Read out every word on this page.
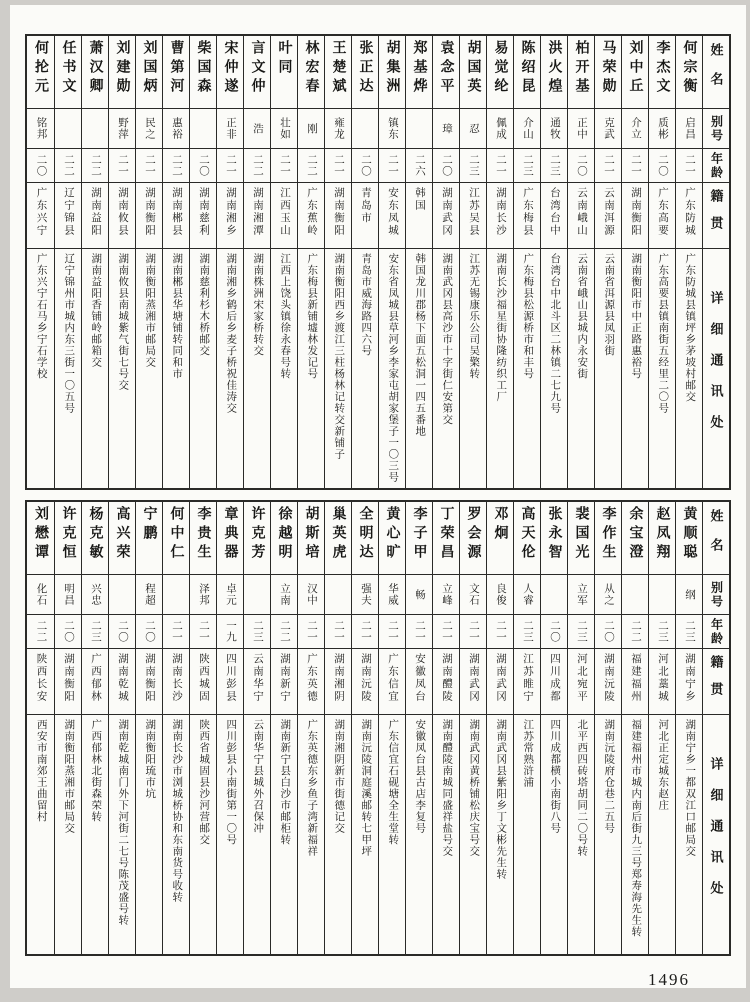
姓名
别号
年龄
籍贯
详细通讯处
何宗衡
启昌
二一
广东防城
广东防城县镇坪乡茅坡村邮交
李杰文
质彬
二〇
广东高要
广东高要县镇南街五经里二〇号
刘中丘
介立
二一
湖南衡阳
湖南衡阳市中正路惠裕号
马荣勋
克武
二一
云南洱源
云南省洱源县凤羽街
柏开基
正中
二〇
云南峨山
云南省峨山县城内永安街
洪火煌
通牧
二三
台湾台中
台湾台中北斗区二林镇二七九号
陈绍昆
介山
二三
广东梅县
广东梅县松源桥市和丰号
易觉纶
佩成
二一
湖南长沙
湖南长沙福星街协隆纺织工厂
胡国英
忍
二三
江苏吴县
江苏无锡康乐公司吴檠转
袁念平
璋
二〇
湖南武冈
湖南武冈县高沙市十字街仁安第交
郑基烨
二六
韩国
韩国龙川郡杨下面五松洞一四五番地
胡集洲
镇东
二一
安东凤城
安东省凤城县草河乡李家屯胡家堡子一〇三号
张正达
二〇
青岛市
青岛市威海路四六号
王楚斌
雍龙
二一
湖南衡阳
湖南衡阳西乡渡江三柱杨林记转交新铺子
林宏春
刚
二二
广东蕉岭
广东梅县新铺墟林发记号
叶同
壮如
二一
江西玉山
江西上饶头镇徐永春号转
言文仲
浩
二二
湖南湘潭
湖南株洲宋家桥转交
宋仲遂
正非
二一
湖南湘乡
湖南湘乡鹤后乡麦子桥祝佳涛交
柴国森
二〇
湖南慈利
湖南慈利杉木桥邮交
曹第河
惠裕
二二
湖南郴县
湖南郴县华塘铺转同和市
刘国炳
民之
二一
湖南衡阳
湖南衡阳蒸湘市邮局交
刘建勋
野萍
二一
湖南攸县
湖南攸县南城紫气街七号交
萧汉卿
二二
湖南益阳
湖南益阳香铺岭邮箱交
任书文
二二
辽宁锦县
辽宁锦州市城内东三街一〇五号
何抡元
铭邦
二〇
广东兴宁
广东兴宁石马乡宁石学校
姓名
别号
年龄
籍贯
详细通讯处
黄顺聪
纲
二三
湖南宁乡
湖南宁乡一都双江口邮局交
赵凤翔
二三
河北藁城
河北正定城东赵庄
余宝澄
二二
福建福州
福建福州市城内南后街九三号郑寿海先生转
李作生
从之
二〇
湖南沅陵
湖南沅陵府仓巷二五号
裴国光
立军
二三
河北宛平
北平西四砖塔胡同二〇号转
张永智
二〇
四川成都
四川成都横小南街八号
高天伦
人睿
二三
江苏睢宁
江苏常熟浒浦
邓炯
良俊
二一
湖南武冈
湖南武冈县紫阳乡丁文彬先生转
罗会源
文石
二一
湖南武冈
湖南武冈黄桥铺松庆宝号交
丁荣昌
立峰
二一
湖南醴陵
湖南醴陵南城同盛祥盐号交
李子甲
畅
二一
安徽凤台
安徽凤台县古店李复号
黄心旷
华威
二一
广东信宜
广东信宜石砚塘全生堂转
全明达
强夫
二一
湖南沅陵
湖南沅陵洞庭溪邮转七甲坪
巢英虎
二一
湖南湘阴
湖南湘阴新市街德记交
胡斯培
汉中
二一
广东英德
广东英德东乡鱼子湾新福祥
徐越明
立南
二二
湖南新宁
湖南新宁县白沙市邮柜转
许克芳
二三
云南华宁
云南华宁县城外召保冲
章典器
卓元
一九
四川彭县
四川彭县小南街第一〇号
李贵生
泽邦
二一
陕西城固
陕西省城固县沙河营邮交
何中仁
二一
湖南长沙
湖南长沙市浏城桥协和东南货号收转
宁鹏
程超
二〇
湖南衡阳
湖南衡阳琉市坑
高兴荣
二〇
湖南乾城
湖南乾城南门外下河街二七号陈茂盛号转
杨克敏
兴忠
二三
广西郁林
广西郁林北街森荣转
许克恒
明昌
二〇
湖南衡阳
湖南衡阳蒸湘市邮局交
刘懋谭
化石
二二
陕西长安
西安市南郊王曲留村
1496
